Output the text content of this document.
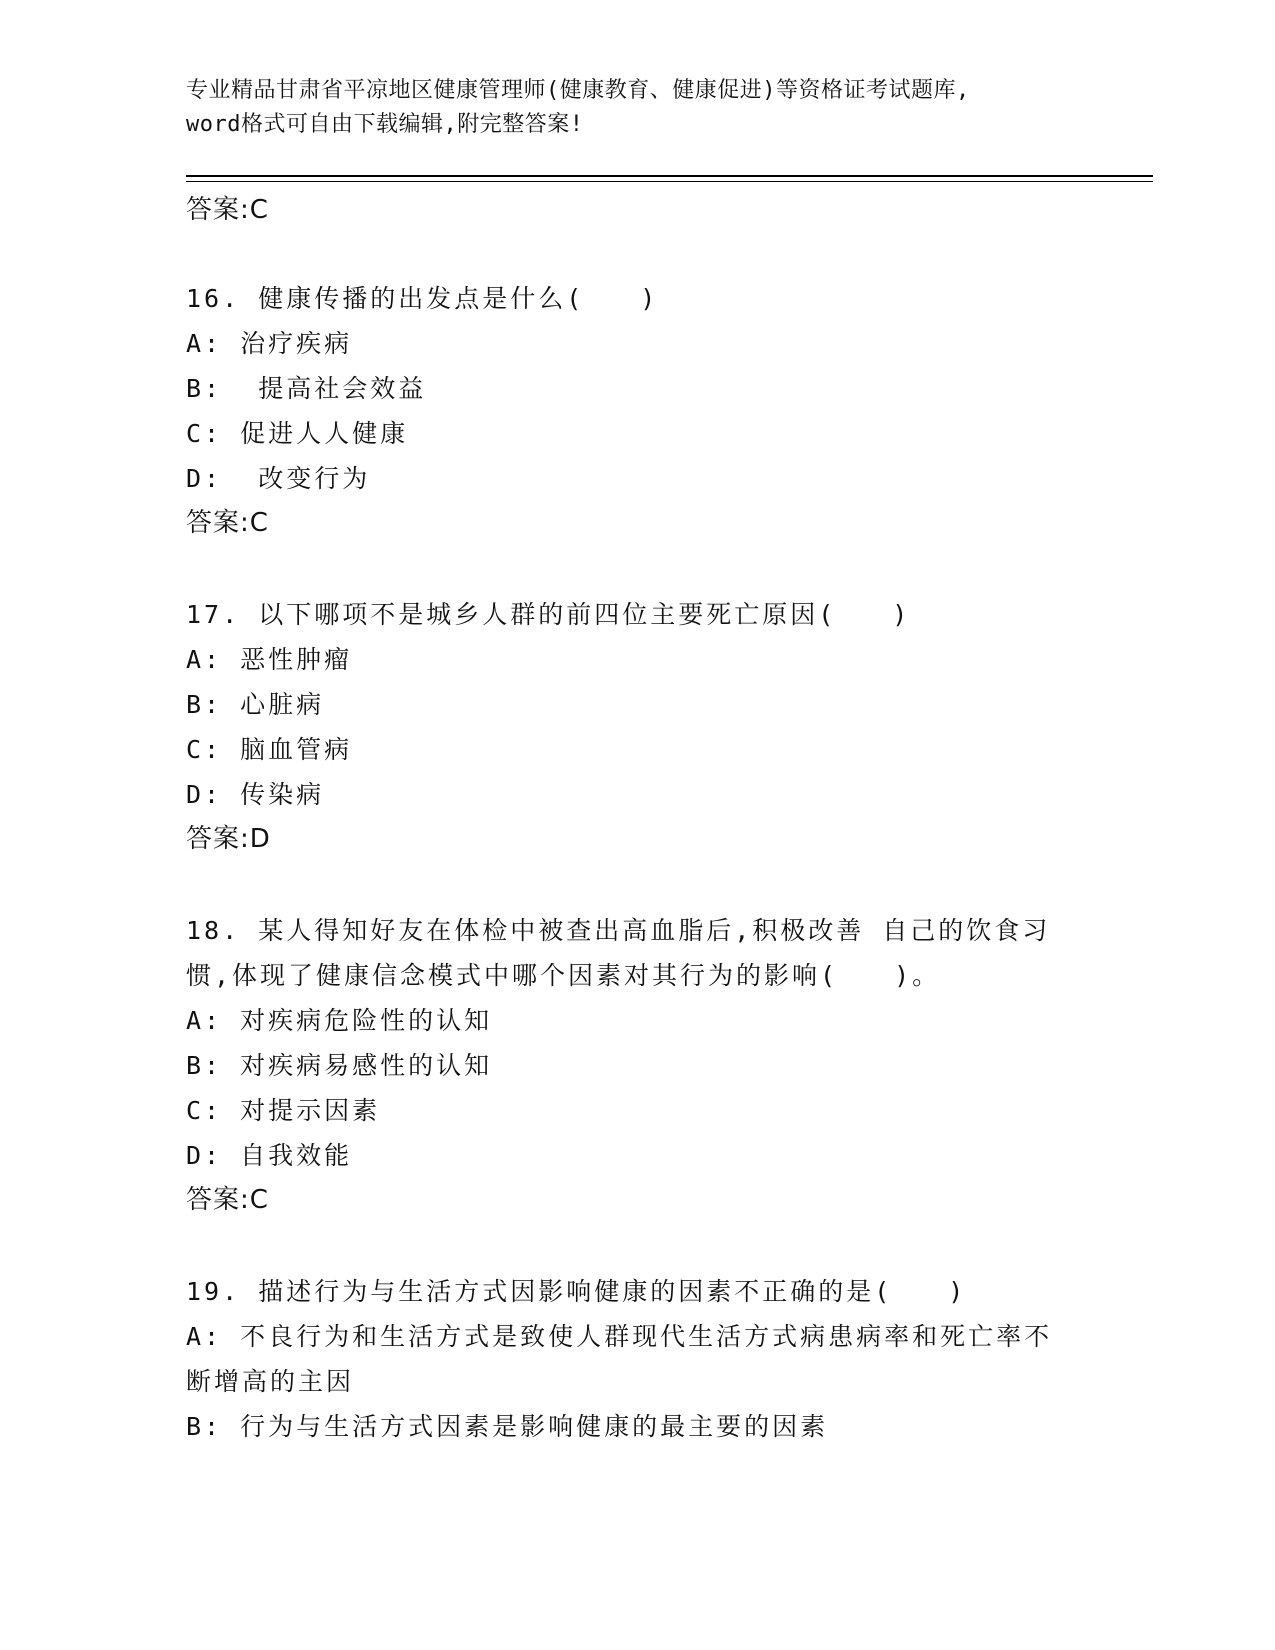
专业精品甘肃省平凉地区健康管理师(健康教育、健康促进)等资格证考试题库,
word格式可自由下载编辑,附完整答案!
答案:C
16. 健康传播的出发点是什么(　　)
A: 治疗疾病
B:  提高社会效益
C: 促进人人健康
D:  改变行为
答案:C
17. 以下哪项不是城乡人群的前四位主要死亡原因(　　)
A: 恶性肿瘤
B: 心脏病
C: 脑血管病
D: 传染病
答案:D
18. 某人得知好友在体检中被查出高血脂后,积极改善 自己的饮食习
惯,体现了健康信念模式中哪个因素对其行为的影响(　　)。
A: 对疾病危险性的认知
B: 对疾病易感性的认知
C: 对提示因素
D: 自我效能
答案:C
19. 描述行为与生活方式因影响健康的因素不正确的是(　　)
A: 不良行为和生活方式是致使人群现代生活方式病患病率和死亡率不
断增高的主因
B: 行为与生活方式因素是影响健康的最主要的因素
